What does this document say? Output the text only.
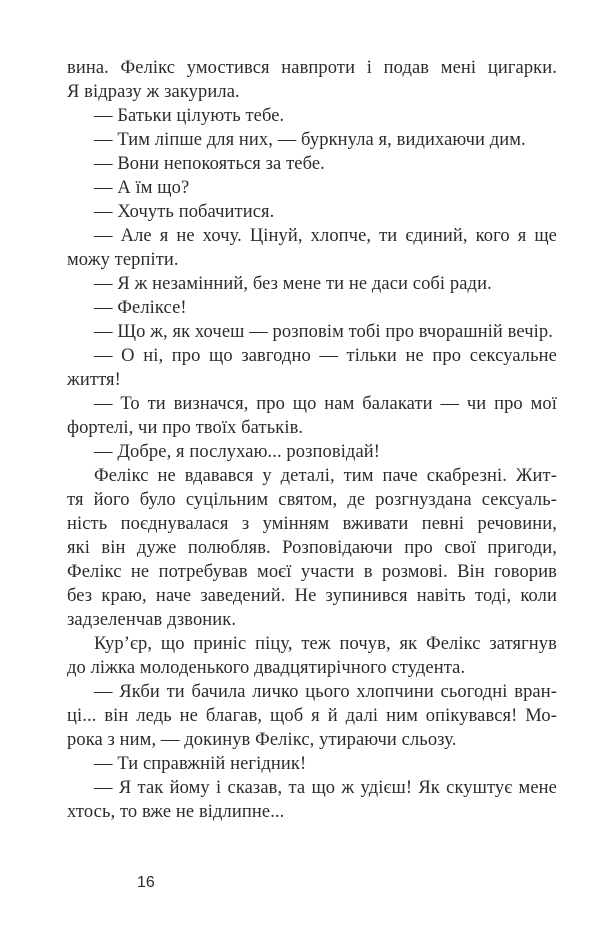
вина. Фелікс умостився навпроти і подав мені цигарки.
Я відразу ж закурила.
— Батьки цілують тебе.
— Тим ліпше для них, — буркнула я, видихаючи дим.
— Вони непокояться за тебе.
— А їм що?
— Хочуть побачитися.
— Але я не хочу. Цінуй, хлопче, ти єдиний, кого я ще
можу терпіти.
— Я ж незамінний, без мене ти не даси собі ради.
— Феліксе!
— Що ж, як хочеш — розповім тобі про вчорашній вечір.
— О ні, про що завгодно — тільки не про сексуальне
життя!
— То ти визначся, про що нам балакати — чи про мої
фортелі, чи про твоїх батьків.
— Добре, я послухаю... розповідай!
Фелікс не вдавався у деталі, тим паче скабрезні. Жит-
тя його було суцільним святом, де розгнуздана сексуаль-
ність поєднувалася з умінням вживати певні речовини,
які він дуже полюбляв. Розповідаючи про свої пригоди,
Фелікс не потребував моєї участи в розмові. Він говорив
без краю, наче заведений. Не зупинився навіть тоді, коли
задзеленчав дзвоник.
Кур’єр, що приніс піцу, теж почув, як Фелікс затягнув
до ліжка молоденького двадцятирічного студента.
— Якби ти бачила личко цього хлопчини сьогодні вран-
ці... він ледь не благав, щоб я й далі ним опікувався! Мо-
рока з ним, — докинув Фелікс, утираючи сльозу.
— Ти справжній негідник!
— Я так йому і сказав, та що ж удієш! Як скуштує мене
хтось, то вже не відлипне...
16
